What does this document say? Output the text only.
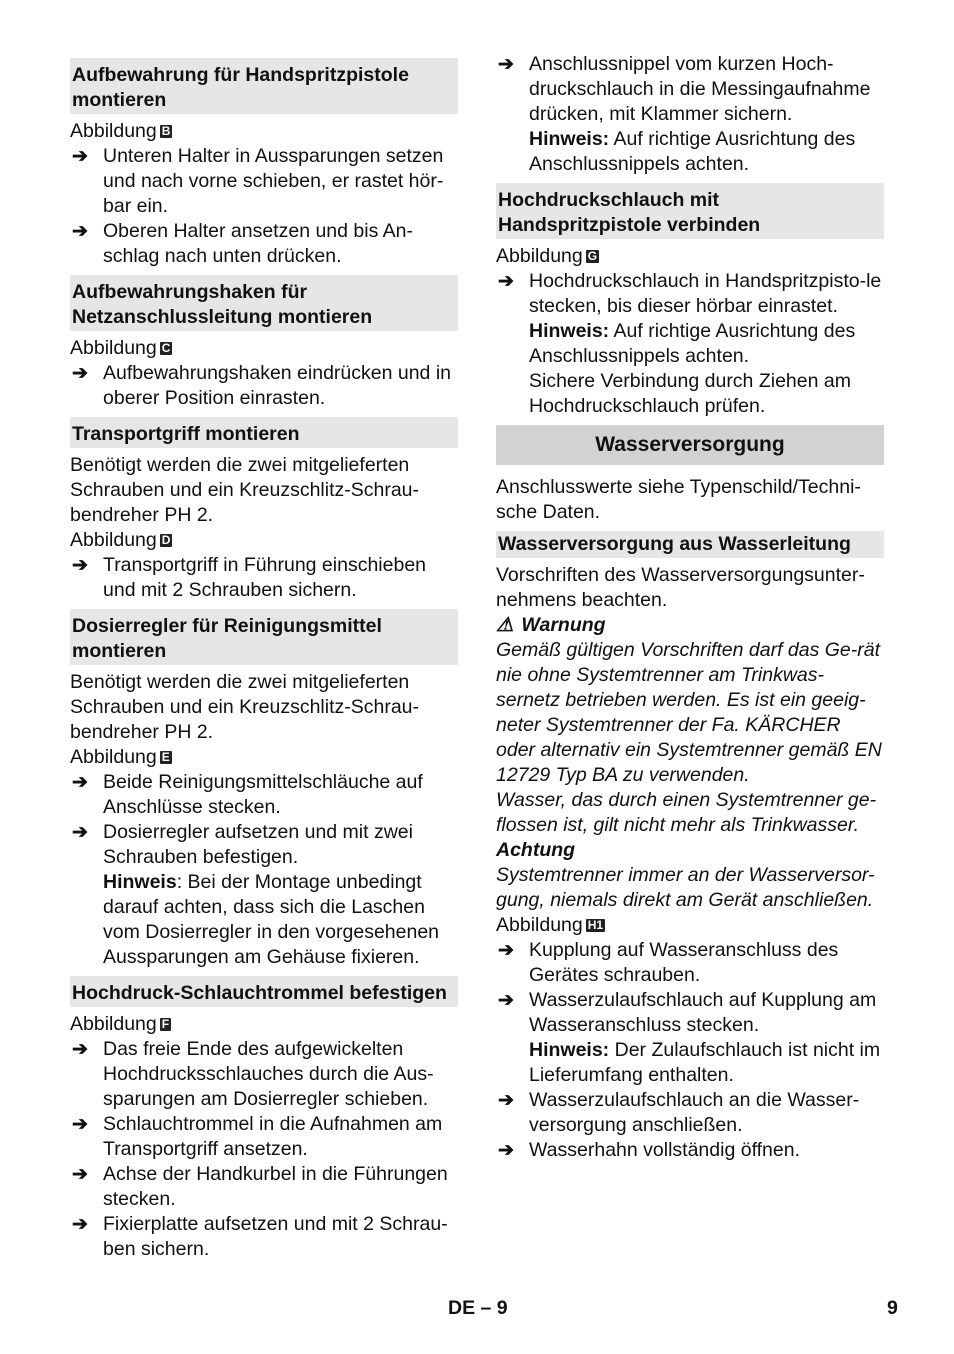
Aufbewahrung für Handspritzpistole montieren
Abbildung B
➔ Unteren Halter in Aussparungen setzen und nach vorne schieben, er rastet hör-bar ein.
➔ Oberen Halter ansetzen und bis An-schlag nach unten drücken.
Aufbewahrungshaken für Netzanschlussleitung montieren
Abbildung C
➔ Aufbewahrungshaken eindrücken und in oberer Position einrasten.
Transportgriff montieren
Benötigt werden die zwei mitgelieferten Schrauben und ein Kreuzschlitz-Schrau-bendreher PH 2.
Abbildung D
➔ Transportgriff in Führung einschieben und mit 2 Schrauben sichern.
Dosierregler für Reinigungsmittel montieren
Benötigt werden die zwei mitgelieferten Schrauben und ein Kreuzschlitz-Schrau-bendreher PH 2.
Abbildung E
➔ Beide Reinigungsmittelschläuche auf Anschlüsse stecken.
➔ Dosierregler aufsetzen und mit zwei Schrauben befestigen.
Hinweis: Bei der Montage unbedingt darauf achten, dass sich die Laschen vom Dosierregler in den vorgesehenen Aussparungen am Gehäuse fixieren.
Hochdruck-Schlauchtrommel befestigen
Abbildung F
➔ Das freie Ende des aufgewickelten Hochdrucksschlauches durch die Aus-sparungen am Dosierregler schieben.
➔ Schlauchtrommel in die Aufnahmen am Transportgriff ansetzen.
➔ Achse der Handkurbel in die Führungen stecken.
➔ Fixierplatte aufsetzen und mit 2 Schrau-ben sichern.
➔ Anschlussnippel vom kurzen Hoch-druckschlauch in die Messingaufnahme drücken, mit Klammer sichern.
Hinweis: Auf richtige Ausrichtung des Anschlussnippels achten.
Hochdruckschlauch mit Handspritzpistole verbinden
Abbildung G
➔ Hochdruckschlauch in Handspritzpisto-le stecken, bis dieser hörbar einrastet.
Hinweis: Auf richtige Ausrichtung des Anschlussnippels achten.
Sichere Verbindung durch Ziehen am Hochdruckschlauch prüfen.
Wasserversorgung
Anschlusswerte siehe Typenschild/Techni-sche Daten.
Wasserversorgung aus Wasserleitung
Vorschriften des Wasserversorgungsunter-nehmens beachten.
⚠ Warnung
Gemäß gültigen Vorschriften darf das Ge-rät nie ohne Systemtrenner am Trinkwas-sernetz betrieben werden. Es ist ein geeig-neter Systemtrenner der Fa. KÄRCHER oder alternativ ein Systemtrenner gemäß EN 12729 Typ BA zu verwenden.
Wasser, das durch einen Systemtrenner ge-flossen ist, gilt nicht mehr als Trinkwasser.
Achtung
Systemtrenner immer an der Wasserversor-gung, niemals direkt am Gerät anschließen.
Abbildung H1
➔ Kupplung auf Wasseranschluss des Gerätes schrauben.
➔ Wasserzulaufschlauch auf Kupplung am Wasseranschluss stecken.
Hinweis: Der Zulaufschlauch ist nicht im Lieferumfang enthalten.
➔ Wasserzulaufschlauch an die Wasser-versorgung anschließen.
➔ Wasserhahn vollständig öffnen.
DE – 9	9
